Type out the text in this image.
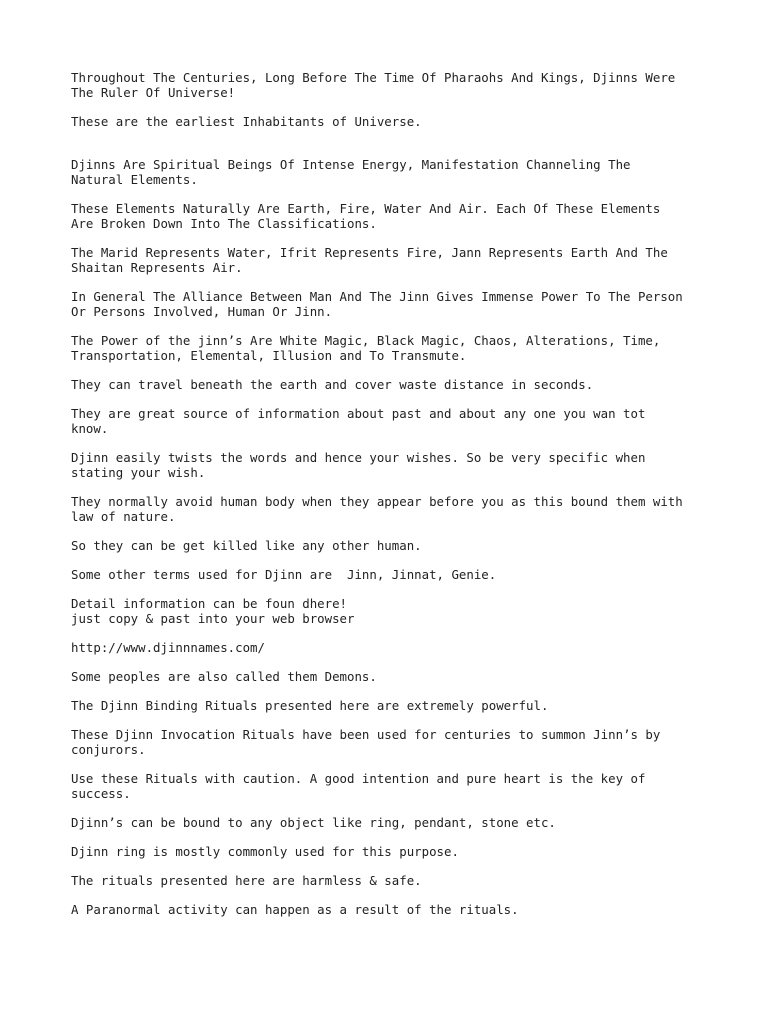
Throughout The Centuries, Long Before The Time Of Pharaohs And Kings, Djinns Were
The Ruler Of Universe!

These are the earliest Inhabitants of Universe.

Djinns Are Spiritual Beings Of Intense Energy, Manifestation Channeling The
Natural Elements.

These Elements Naturally Are Earth, Fire, Water And Air. Each Of These Elements
Are Broken Down Into The Classifications.

The Marid Represents Water, Ifrit Represents Fire, Jann Represents Earth And The
Shaitan Represents Air.

In General The Alliance Between Man And The Jinn Gives Immense Power To The Person
Or Persons Involved, Human Or Jinn.

The Power of the jinn’s Are White Magic, Black Magic, Chaos, Alterations, Time,
Transportation, Elemental, Illusion and To Transmute.

They can travel beneath the earth and cover waste distance in seconds.

They are great source of information about past and about any one you wan tot
know.

Djinn easily twists the words and hence your wishes. So be very specific when
stating your wish.

They normally avoid human body when they appear before you as this bound them with
law of nature.

So they can be get killed like any other human.

Some other terms used for Djinn are  Jinn, Jinnat, Genie.

Detail information can be foun dhere!
just copy & past into your web browser

http://www.djinnnames.com/

Some peoples are also called them Demons.

The Djinn Binding Rituals presented here are extremely powerful.

These Djinn Invocation Rituals have been used for centuries to summon Jinn’s by
conjurors.

Use these Rituals with caution. A good intention and pure heart is the key of
success.

Djinn’s can be bound to any object like ring, pendant, stone etc.

Djinn ring is mostly commonly used for this purpose.

The rituals presented here are harmless & safe.

A Paranormal activity can happen as a result of the rituals.
